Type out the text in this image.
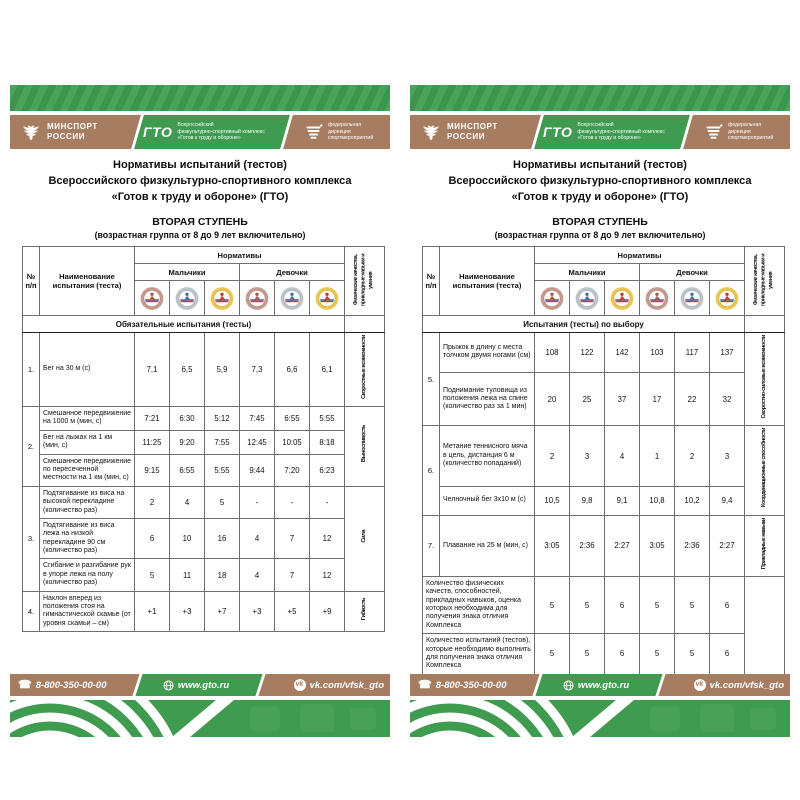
МИНСПОРТ
РОССИИ	ГТО Всероссийский
физкультурно-спортивный комплекс
«Готов к труду и обороне»
федеральная
дирекция
спортмероприятий
Нормативы испытаний (тестов)
Всероссийского физкультурно-спортивного комплекса
«Готов к труду и обороне» (ГТО)
ВТОРАЯ СТУПЕНЬ
(возрастная группа от 8 до 9 лет включительно)
№ п/п	Наименование испытания (теста)	Нормативы						Физические качества, прикладные навыки и умения
		Мальчики			Девочки			

Обязательные испытания (тесты)								
1.	Бег на 30 м (с)	7,1	6,5	5,9	7,3	6,6	6,1	Скоростные возможности
2.	Смешанное передвижение на 1000 м (мин, с)	7:21	6:30	5:12	7:45	6:55	5:55	Выносливость
	Бег на лыжах на 1 км (мин, с)	11:25	9:20	7:55	12:45	10:05	8:18	
	Смешанное передвижение по пересеченной местности на 1 км (мин, с)	9:15	6:55	5:55	9:44	7:20	6:23	
3.	Подтягивание из виса на высокой перекладине (количество раз)	2	4	5	-	-	-	Сила
	Подтягивание из виса лежа на низкой перекладине 90 см (количество раз)	6	10	16	4	7	12	
	Сгибание и разгибание рук в упоре лежа на полу (количество раз)	5	11	18	4	7	12	
4.	Наклон вперед из положения стоя на гимнастической скамье (от уровня скамьи – см)	+1	+3	+7	+3	+5	+9	Гибкость
☎ 8-800-350-00-00	www.gto.ru	vk vk.com/vfsk_gto
МИНСПОРТ
РОССИИ	ГТО Всероссийский
физкультурно-спортивный комплекс
«Готов к труду и обороне»
федеральная
дирекция
спортмероприятий
Нормативы испытаний (тестов)
Всероссийского физкультурно-спортивного комплекса
«Готов к труду и обороне» (ГТО)
ВТОРАЯ СТУПЕНЬ
(возрастная группа от 8 до 9 лет включительно)
№ п/п	Наименование испытания (теста)	Нормативы						Физические качества, прикладные навыки и умения
		Мальчики			Девочки			

Испытания (тесты) по выбору								
5.	Прыжок в длину с места толчком двумя ногами (см)	108	122	142	103	117	137	Скоростно-силовые возможности
	Поднимание туловища из положения лежа на спине (количество раз за 1 мин)	20	25	37	17	22	32	
6.	Метание теннисного мяча в цель, дистанция 6 м (количество попаданий)	2	3	4	1	2	3	Координационные способности
	Челночный бег 3х10 м (с)	10,5	9,8	9,1	10,8	10,2	9,4	
7.	Плавание на 25 м (мин, с)	3:05	2:36	2:27	3:05	2:36	2:27	Прикладные навыки
Количество физических качеств, способностей, прикладных навыков, оценка которых необходима для получения знака отличия Комплекса		5	5	6	5	5	6	
Количество испытаний (тестов), которые необходимо выполнить для получения знака отличия Комплекса		5	5	6	5	5	6	
☎ 8-800-350-00-00	www.gto.ru	vk vk.com/vfsk_gto
